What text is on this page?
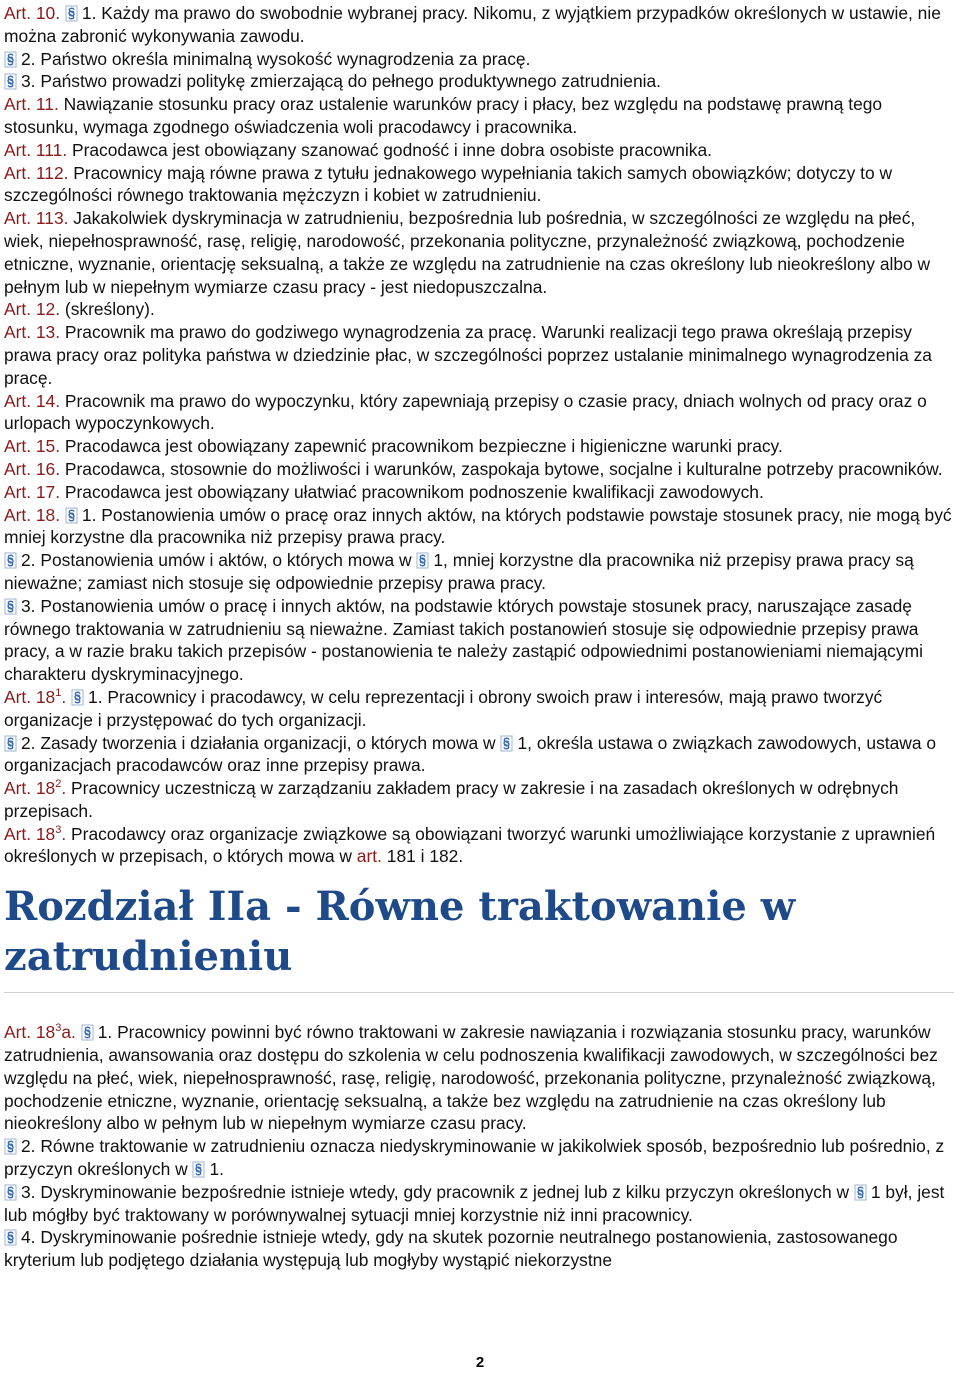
Art. 10. 1. Każdy ma prawo do swobodnie wybranej pracy. Nikomu, z wyjątkiem przypadków określonych w ustawie, nie można zabronić wykonywania zawodu.

2. Państwo określa minimalną wysokość wynagrodzenia za pracę.

3. Państwo prowadzi politykę zmierzającą do pełnego produktywnego zatrudnienia.

Art. 11. Nawiązanie stosunku pracy oraz ustalenie warunków pracy i płacy, bez względu na podstawę prawną tego stosunku, wymaga zgodnego oświadczenia woli pracodawcy i pracownika.

Art. 111. Pracodawca jest obowiązany szanować godność i inne dobra osobiste pracownika.

Art. 112. Pracownicy mają równe prawa z tytułu jednakowego wypełniania takich samych obowiązków; dotyczy to w szczególności równego traktowania mężczyzn i kobiet w zatrudnieniu.

Art. 113. Jakakolwiek dyskryminacja w zatrudnieniu, bezpośrednia lub pośrednia, w szczególności ze względu na płeć, wiek, niepełnosprawność, rasę, religię, narodowość, przekonania polityczne, przynależność związkową, pochodzenie etniczne, wyznanie, orientację seksualną, a także ze względu na zatrudnienie na czas określony lub nieokreślony albo w pełnym lub w niepełnym wymiarze czasu pracy - jest niedopuszczalna.

Art. 12. (skreślony).

Art. 13. Pracownik ma prawo do godziwego wynagrodzenia za pracę. Warunki realizacji tego prawa określają przepisy prawa pracy oraz polityka państwa w dziedzinie płac, w szczególności poprzez ustalanie minimalnego wynagrodzenia za pracę.

Art. 14. Pracownik ma prawo do wypoczynku, który zapewniają przepisy o czasie pracy, dniach wolnych od pracy oraz o urlopach wypoczynkowych.

Art. 15. Pracodawca jest obowiązany zapewnić pracownikom bezpieczne i higieniczne warunki pracy.

Art. 16. Pracodawca, stosownie do możliwości i warunków, zaspokaja bytowe, socjalne i kulturalne potrzeby pracowników.

Art. 17. Pracodawca jest obowiązany ułatwiać pracownikom podnoszenie kwalifikacji zawodowych.

Art. 18. 1. Postanowienia umów o pracę oraz innych aktów, na których podstawie powstaje stosunek pracy, nie mogą być mniej korzystne dla pracownika niż przepisy prawa pracy.

2. Postanowienia umów i aktów, o których mowa w 1, mniej korzystne dla pracownika niż przepisy prawa pracy są nieważne; zamiast nich stosuje się odpowiednie przepisy prawa pracy.

3. Postanowienia umów o pracę i innych aktów, na podstawie których powstaje stosunek pracy, naruszające zasadę równego traktowania w zatrudnieniu są nieważne. Zamiast takich postanowień stosuje się odpowiednie przepisy prawa pracy, a w razie braku takich przepisów - postanowienia te należy zastąpić odpowiednimi postanowieniami niemającymi charakteru dyskryminacyjnego.

Art. $18^1$. 1. Pracownicy i pracodawcy, w celu reprezentacji i obrony swoich praw i interesów, mają prawo tworzyć organizacje i przystępować do tych organizacji.

2. Zasady tworzenia i działania organizacji, o których mowa w 1, określa ustawa o związkach zawodowych, ustawa o organizacjach pracodawców oraz inne przepisy prawa.

Art. $18^2$. Pracownicy uczestniczą w zarządzaniu zakładem pracy w zakresie i na zasadach określonych w odrębnych przepisach.

Art. $18^3$. Pracodawcy oraz organizacje związkowe są obowiązani tworzyć warunki umożliwiające korzystanie z uprawnień określonych w przepisach, o których mowa w art. 181 i 182.

Rozdział IIa - Równe traktowanie w zatrudnieniu

Art. $18^3a$. 1. Pracownicy powinni być równo traktowani w zakresie nawiązania i rozwiązania stosunku pracy, warunków zatrudnienia, awansowania oraz dostępu do szkolenia w celu podnoszenia kwalifikacji zawodowych, w szczególności bez względu na płeć, wiek, niepełnosprawność, rasę, religię, narodowość, przekonania polityczne, przynależność związkową, pochodzenie etniczne, wyznanie, orientację seksualną, a także bez względu na zatrudnienie na czas określony lub nieokreślony albo w pełnym lub w niepełnym wymiarze czasu pracy.

2. Równe traktowanie w zatrudnieniu oznacza niedyskryminowanie w jakikolwiek sposób, bezpośrednio lub pośrednio, z przyczyn określonych w 1.

3. Dyskryminowanie bezpośrednie istnieje wtedy, gdy pracownik z jednej lub z kilku przyczyn określonych w 1 był, jest lub mógłby być traktowany w porównywalnej sytuacji mniej korzystnie niż inni pracownicy.

4. Dyskryminowanie pośrednie istnieje wtedy, gdy na skutek pozornie neutralnego postanowienia, zastosowanego kryterium lub podjętego działania występują lub mogłyby wystąpić niekorzystne

2
